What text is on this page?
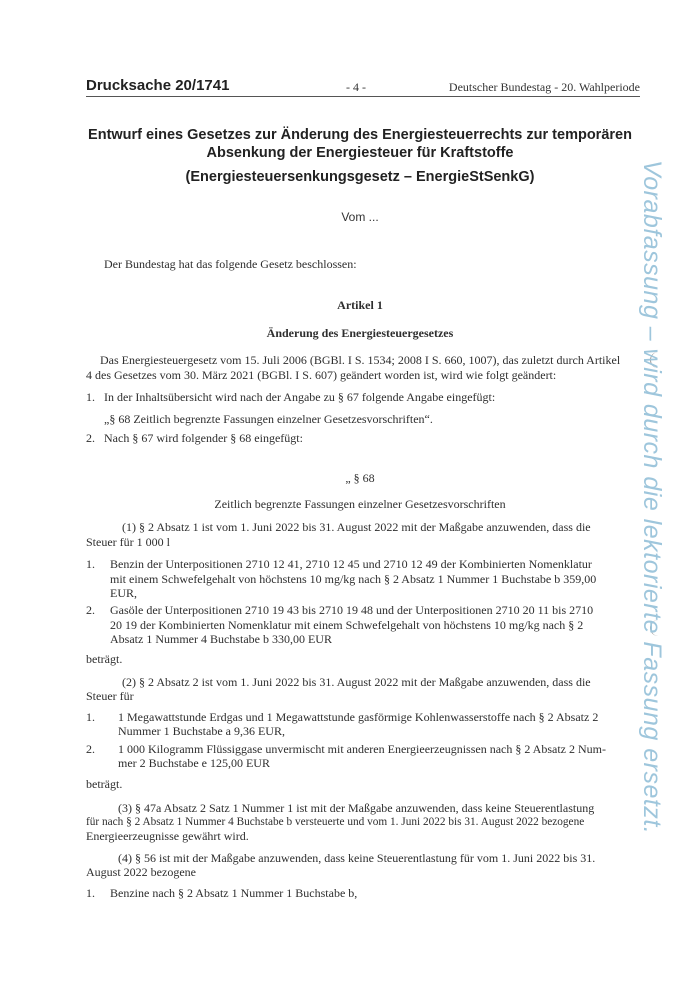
Drucksache 20/1741	- 4 -	Deutscher Bundestag - 20. Wahlperiode
Entwurf eines Gesetzes zur Änderung des Energiesteuerrechts zur temporären
Absenkung der Energiesteuer für Kraftstoffe
(Energiesteuersenkungsgesetz – EnergieStSenkG)
Vom ...
Der Bundestag hat das folgende Gesetz beschlossen:
Artikel 1
Änderung des Energiesteuergesetzes
Das Energiesteuergesetz vom 15. Juli 2006 (BGBl. I S. 1534; 2008 I S. 660, 1007), das zuletzt durch Artikel
4 des Gesetzes vom 30. März 2021 (BGBl. I S. 607) geändert worden ist, wird wie folgt geändert:
1. In der Inhaltsübersicht wird nach der Angabe zu § 67 folgende Angabe eingefügt:
„§ 68 Zeitlich begrenzte Fassungen einzelner Gesetzesvorschriften“.
2. Nach § 67 wird folgender § 68 eingefügt:
„ § 68
Zeitlich begrenzte Fassungen einzelner Gesetzesvorschriften
(1) § 2 Absatz 1 ist vom 1. Juni 2022 bis 31. August 2022 mit der Maßgabe anzuwenden, dass die
Steuer für 1 000 l
1. Benzin der Unterpositionen 2710 12 41, 2710 12 45 und 2710 12 49 der Kombinierten Nomenklatur
mit einem Schwefelgehalt von höchstens 10 mg/kg nach § 2 Absatz 1 Nummer 1 Buchstabe b 359,00
EUR,
2. Gasöle der Unterpositionen 2710 19 43 bis 2710 19 48 und der Unterpositionen 2710 20 11 bis 2710
20 19 der Kombinierten Nomenklatur mit einem Schwefelgehalt von höchstens 10 mg/kg nach § 2
Absatz 1 Nummer 4 Buchstabe b 330,00 EUR
beträgt.
(2) § 2 Absatz 2 ist vom 1. Juni 2022 bis 31. August 2022 mit der Maßgabe anzuwenden, dass die
Steuer für
1. 1 Megawattstunde Erdgas und 1 Megawattstunde gasförmige Kohlenwasserstoffe nach § 2 Absatz 2
Nummer 1 Buchstabe a 9,36 EUR,
2. 1 000 Kilogramm Flüssiggase unvermischt mit anderen Energieerzeugnissen nach § 2 Absatz 2 Num-
mer 2 Buchstabe e 125,00 EUR
beträgt.
(3) § 47a Absatz 2 Satz 1 Nummer 1 ist mit der Maßgabe anzuwenden, dass keine Steuerentlastung
für nach § 2 Absatz 1 Nummer 4 Buchstabe b versteuerte und vom 1. Juni 2022 bis 31. August 2022 bezogene
Energieerzeugnisse gewährt wird.
(4) § 56 ist mit der Maßgabe anzuwenden, dass keine Steuerentlastung für vom 1. Juni 2022 bis 31.
August 2022 bezogene
1. Benzine nach § 2 Absatz 1 Nummer 1 Buchstabe b,
Vorabfassung – wird durch die lektorierte Fassung ersetzt.
